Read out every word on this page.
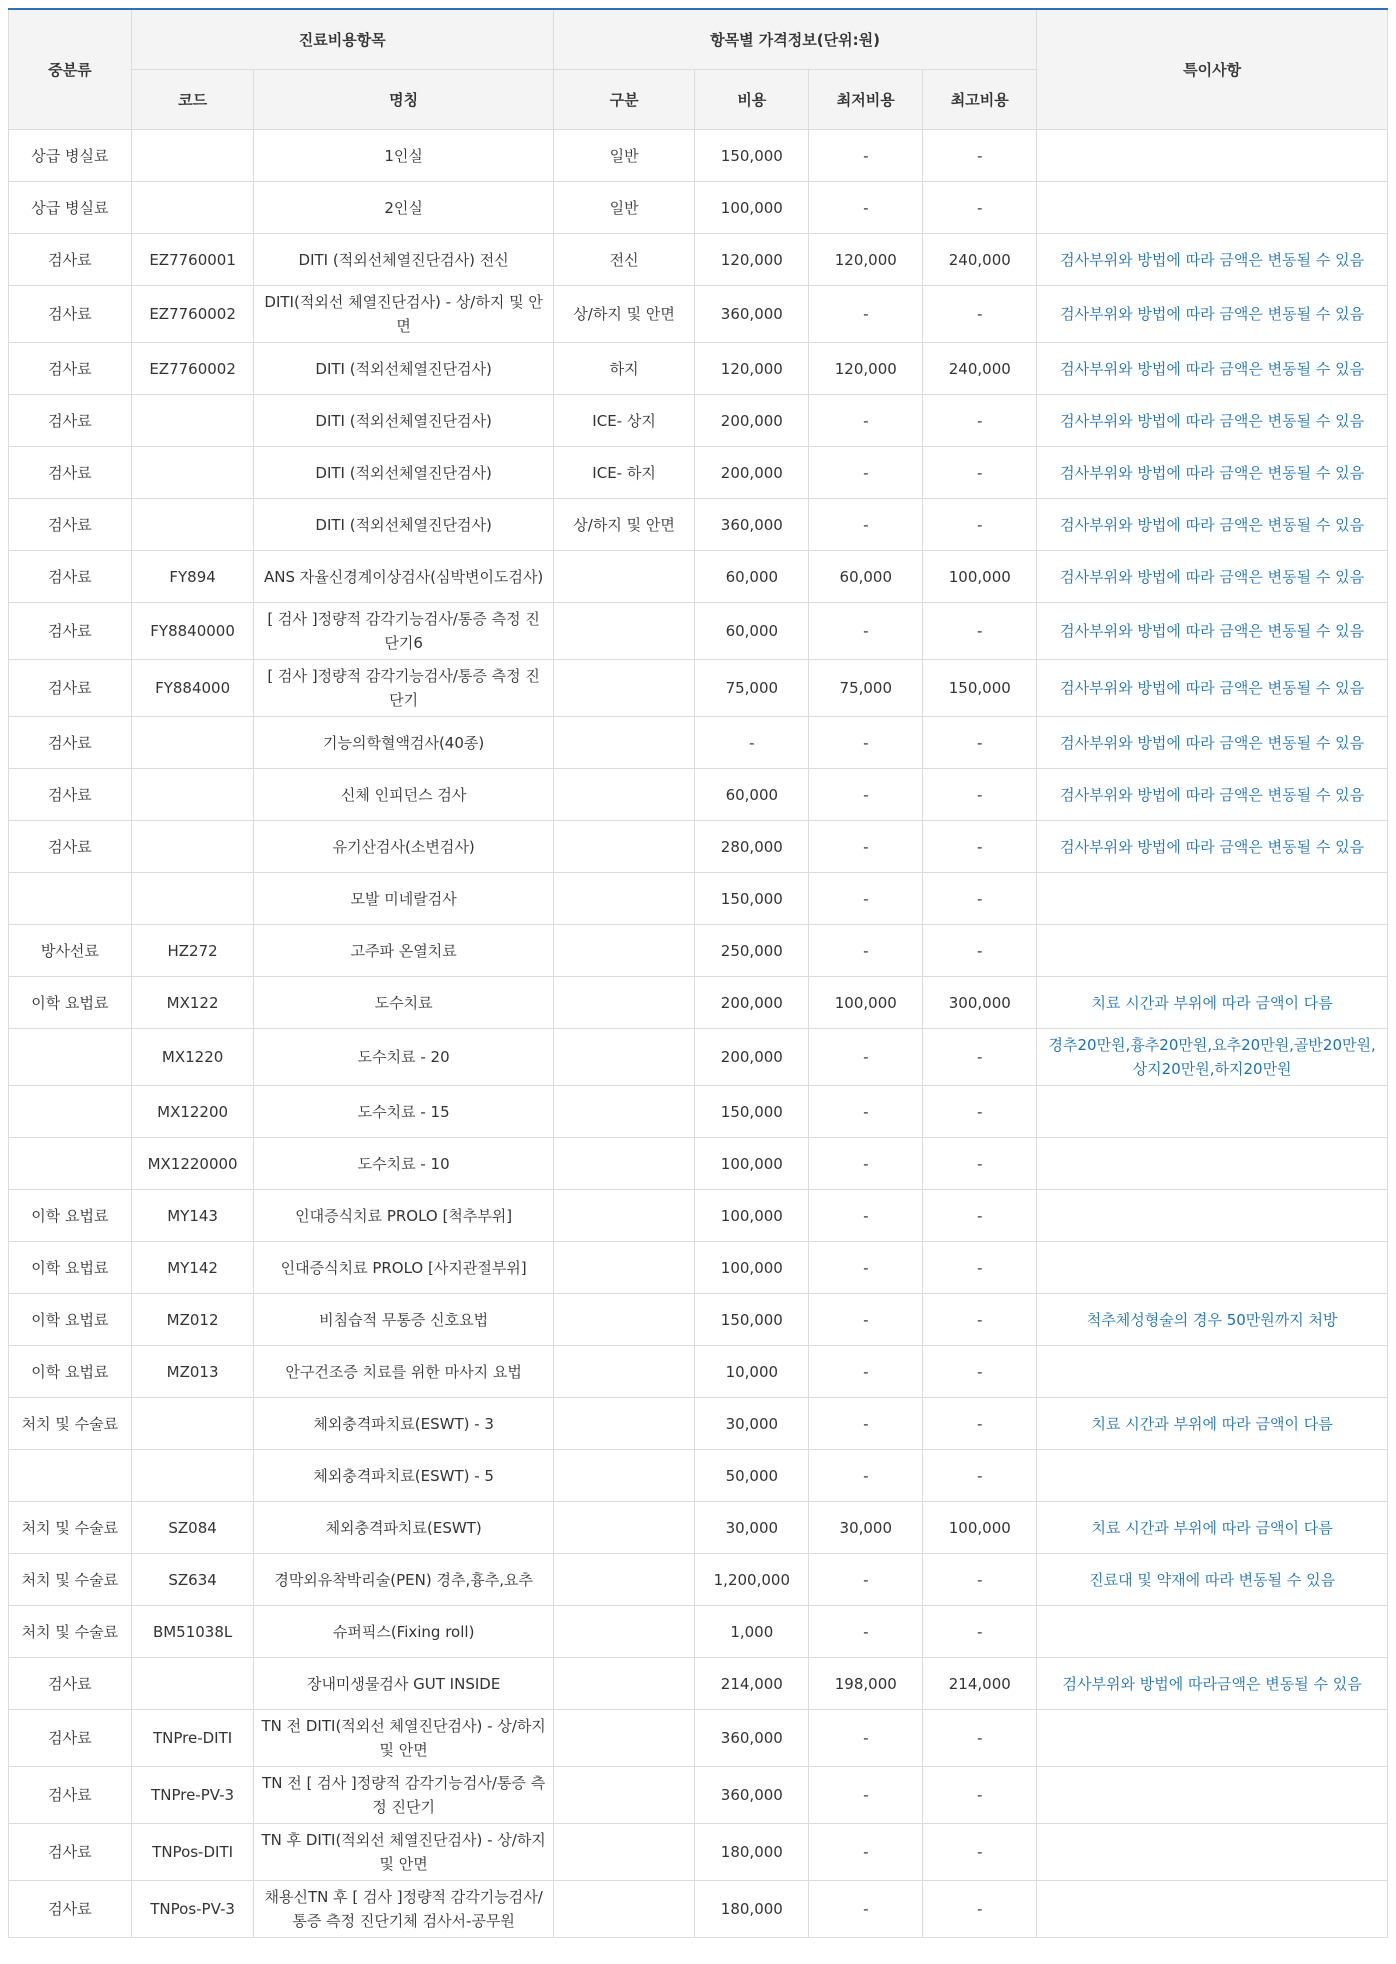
중분류	진료비용항목		항목별 가격정보(단위:원)				특이사항
	코드	명칭	구분	비용	최저비용	최고비용	
상급 병실료		1인실	일반	150,000	-	-	
상급 병실료		2인실	일반	100,000	-	-	
검사료	EZ7760001	DITI (적외선체열진단검사) 전신	전신	120,000	120,000	240,000	검사부위와 방법에 따라 금액은 변동될 수 있음
검사료	EZ7760002	DITI(적외선 체열진단검사) - 상/하지 및 안면	상/하지 및 안면	360,000	-	-	검사부위와 방법에 따라 금액은 변동될 수 있음
검사료	EZ7760002	DITI (적외선체열진단검사)	하지	120,000	120,000	240,000	검사부위와 방법에 따라 금액은 변동될 수 있음
검사료		DITI (적외선체열진단검사)	ICE- 상지	200,000	-	-	검사부위와 방법에 따라 금액은 변동될 수 있음
검사료		DITI (적외선체열진단검사)	ICE- 하지	200,000	-	-	검사부위와 방법에 따라 금액은 변동될 수 있음
검사료		DITI (적외선체열진단검사)	상/하지 및 안면	360,000	-	-	검사부위와 방법에 따라 금액은 변동될 수 있음
검사료	FY894	ANS 자율신경계이상검사(심박변이도검사)		60,000	60,000	100,000	검사부위와 방법에 따라 금액은 변동될 수 있음
검사료	FY8840000	[ 검사 ]정량적 감각기능검사/통증 측정 진단기6		60,000	-	-	검사부위와 방법에 따라 금액은 변동될 수 있음
검사료	FY884000	[ 검사 ]정량적 감각기능검사/통증 측정 진단기		75,000	75,000	150,000	검사부위와 방법에 따라 금액은 변동될 수 있음
검사료		기능의학혈액검사(40종)		-	-	-	검사부위와 방법에 따라 금액은 변동될 수 있음
검사료		신체 인피던스 검사		60,000	-	-	검사부위와 방법에 따라 금액은 변동될 수 있음
검사료		유기산검사(소변검사)		280,000	-	-	검사부위와 방법에 따라 금액은 변동될 수 있음
		모발 미네랄검사		150,000	-	-	
방사선료	HZ272	고주파 온열치료		250,000	-	-	
이학 요법료	MX122	도수치료		200,000	100,000	300,000	치료 시간과 부위에 따라 금액이 다름
	MX1220	도수치료 - 20		200,000	-	-	경추20만원,흉추20만원,요추20만원,골반20만원,상지20만원,하지20만원
	MX12200	도수치료 - 15		150,000	-	-	
	MX1220000	도수치료 - 10		100,000	-	-	
이학 요법료	MY143	인대증식치료 PROLO [척추부위]		100,000	-	-	
이학 요법료	MY142	인대증식치료 PROLO [사지관절부위]		100,000	-	-	
이학 요법료	MZ012	비침습적 무통증 신호요법		150,000	-	-	척추체성형술의 경우 50만원까지 처방
이학 요법료	MZ013	안구건조증 치료를 위한 마사지 요법		10,000	-	-	
처치 및 수술료		체외충격파치료(ESWT) - 3		30,000	-	-	치료 시간과 부위에 따라 금액이 다름
		체외충격파치료(ESWT) - 5		50,000	-	-	
처치 및 수술료	SZ084	체외충격파치료(ESWT)		30,000	30,000	100,000	치료 시간과 부위에 따라 금액이 다름
처치 및 수술료	SZ634	경막외유착박리술(PEN) 경추,흉추,요추		1,200,000	-	-	진료대 및 약재에 따라 변동될 수 있음
처치 및 수술료	BM51038L	슈퍼픽스(Fixing roll)		1,000	-	-	
검사료		장내미생물검사 GUT INSIDE		214,000	198,000	214,000	검사부위와 방법에 따라금액은 변동될 수 있음
검사료	TNPre-DITI	TN 전 DITI(적외선 체열진단검사) - 상/하지 및 안면		360,000	-	-	
검사료	TNPre-PV-3	TN 전 [ 검사 ]정량적 감각기능검사/통증 측정 진단기		360,000	-	-	
검사료	TNPos-DITI	TN 후 DITI(적외선 체열진단검사) - 상/하지 및 안면		180,000	-	-	
검사료	TNPos-PV-3	채용신TN 후 [ 검사 ]정량적 감각기능검사/통증 측정 진단기체 검사서-공무원		180,000	-	-	
